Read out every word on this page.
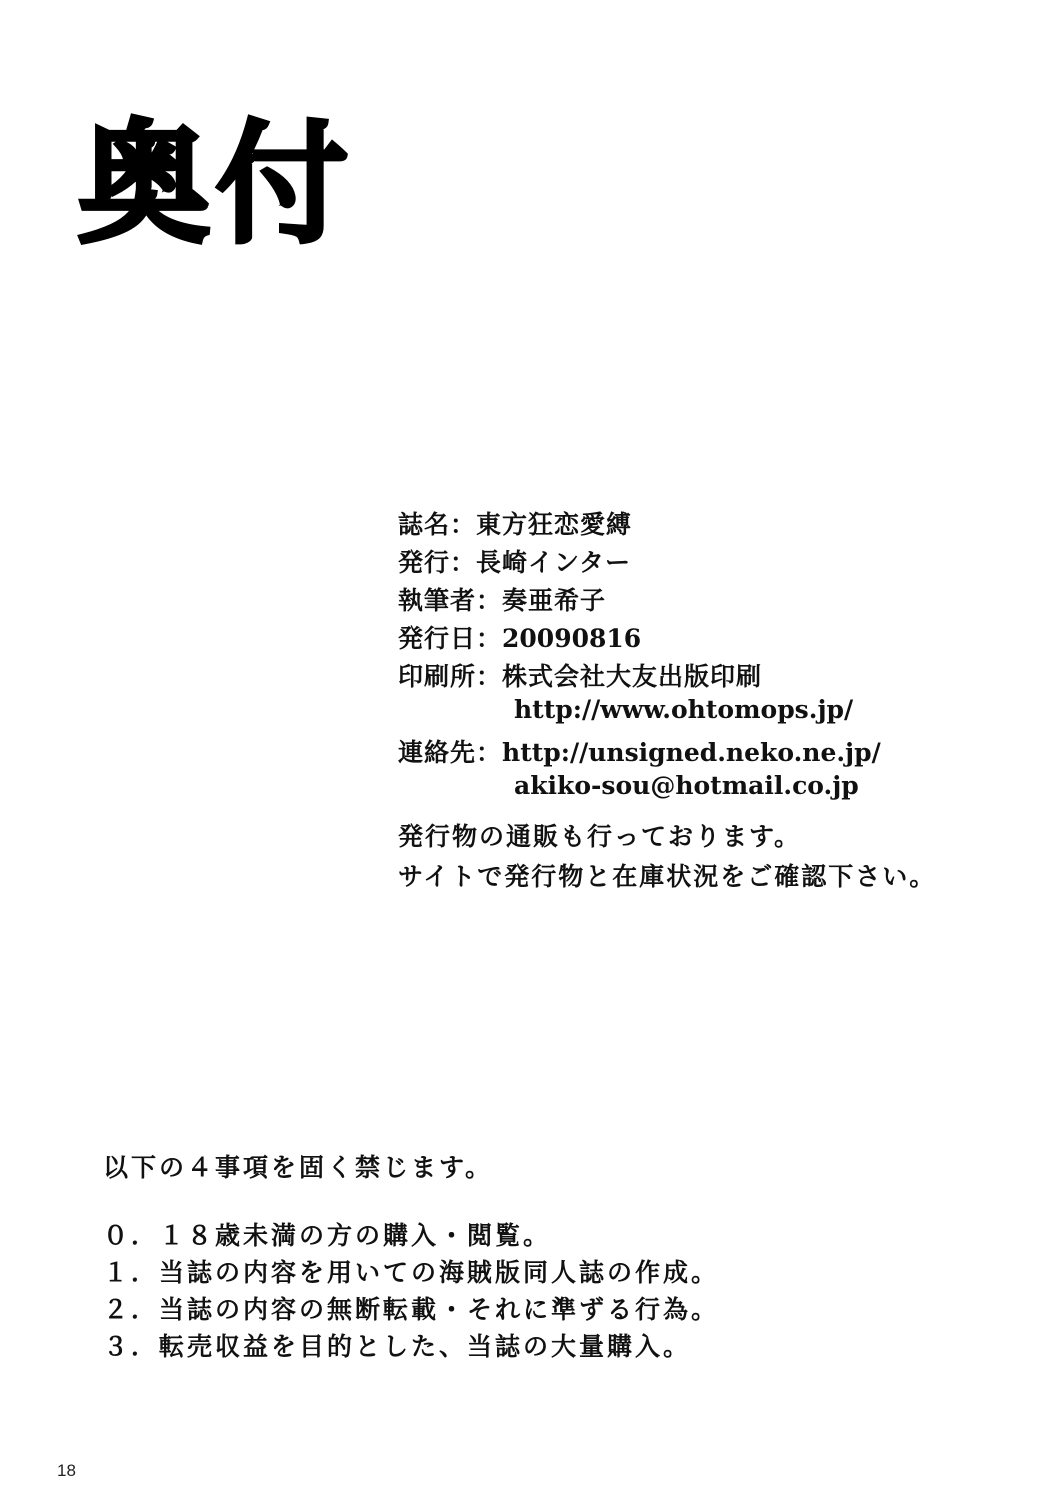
奥付
誌名： 東方狂恋愛縛
発行： 長崎インター
執筆者： 奏亜希子
発行日： 20090816
印刷所： 株式会社大友出版印刷
http://www.ohtomops.jp/
連絡先： http://unsigned.neko.ne.jp/
akiko-sou@hotmail.co.jp

発行物の通販も行っております。

サイトで発行物と在庫状況をご確認下さい。

以下の４事項を固く禁じます。

０．１８歳未満の方の購入・閲覧。
１．当誌の内容を用いての海賊版同人誌の作成。
２．当誌の内容の無断転載・それに準ずる行為。
３．転売収益を目的とした、当誌の大量購入。
18
